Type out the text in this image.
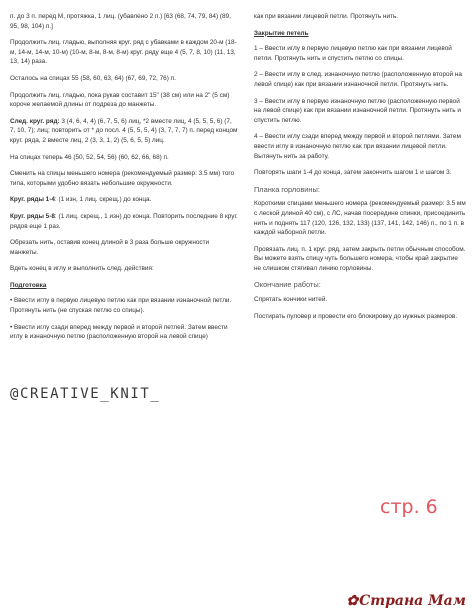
п. до 3 п. перед М, протяжка, 1 лиц. (убавлено 2 п.) [63 (68, 74, 79, 84) (89, 95, 98, 104) п.]

Продолжить лиц. гладью, выполняя круг. ряд с убавками в каждом 20-м (18-м, 14-м, 14-м, 10-м) (10-м, 8-м, 8-м, 8-м) круг. ряду еще 4 (5, 7, 8, 10) (11, 13, 13, 14) раза.

Осталось на спицах 55 (58, 60, 63, 64) (67, 69, 72, 76) п.

Продолжить лиц. гладью, пока рукав составит 15" (38 см) или на 2" (5 см) короче желаемой длины от подреза до манжеты.

След. круг. ряд: 3 (4, 6, 4, 4) (6, 7, 5, 6) лиц, *2 вместе лиц, 4 (5, 5, 5, 6) (7, 7, 10, 7); лиц; повторить от * до посл. 4 (5, 5, 5, 4) (3, 7, 7, 7) п. перед концом круг. ряда, 2 вместе лиц, 2 (3, 3, 1, 2) (5, 6, 5, 5) лиц.

На спицах теперь 46 (50, 52, 54, 56) (60, 62, 66, 68) п.

Сменить на спицы меньшего номера (рекомендуемый размер: 3.5 мм) того типа, которыми удобно вязать небольшие окружности.

Круг. ряды 1-4: (1 изн, 1 лиц. скрещ.) до конца.

Круг. ряды 5-8: (1 лиц. скрещ., 1 изн) до конца. Повторить последние 8 круг. рядов еще 1 раз.

Обрезать нить, оставив конец длиной в 3 раза больше окружности манжеты.

Вдеть конец в иглу и выполнить след. действия:

Подготовка

• Ввести иглу в первую лицевую петлю как при вязании изнаночной петли. Протянуть нить (не спуская петлю со спицы).

• Ввести иглу сзади вперед между первой и второй петлей. Затем ввести иглу в изнаночную петлю (расположенную второй на левой спице)

как при вязании лицевой петли. Протянуть нить.

Закрытие петель

1 – Ввести иглу в первую лицевую петлю как при вязании лицевой петли. Протянуть нить и спустить петлю со спицы.

2 – Ввести иглу в след. изнаночную петлю (расположенную второй на левой спице) как при вязании изнаночной петли. Протянуть нить.

3 – Ввести иглу в первую изнаночную петлю (расположенную первой на левой спице) как при вязании изнаночной петли. Протянуть нить и спустить петлю.

4 – Ввести иглу сзади вперед между первой и второй петлями. Затем ввести иглу в изнаночную петлю как при вязании лицевой петли. Вытянуть нить за работу.

Повторять шаги 1-4 до конца, затем закончить шагом 1 и шагом 3.

Планка горловины:

Короткими спицами меньшего номера (рекомендуемый размер: 3.5 мм с леской длиной 40 см), с ЛС, начав посередине спинки, присоединить нить и поднять 117 (120, 126, 132, 133) (137, 141, 142, 146) п., по 1 п. в каждой наборной петли.

Провязать лиц. п. 1 круг. ряд, затем закрыть петли обычным способом. Вы можете взять спицу чуть большего номера, чтобы край закрытие не слишком стягивал линию горловины.

Окончание работы:

Спрятать кончики нитей.

Постирать пуловер и провести его блокировку до нужных размеров.

@CREATIVE_KNIT_
стр. 6
✿Страна Мам
